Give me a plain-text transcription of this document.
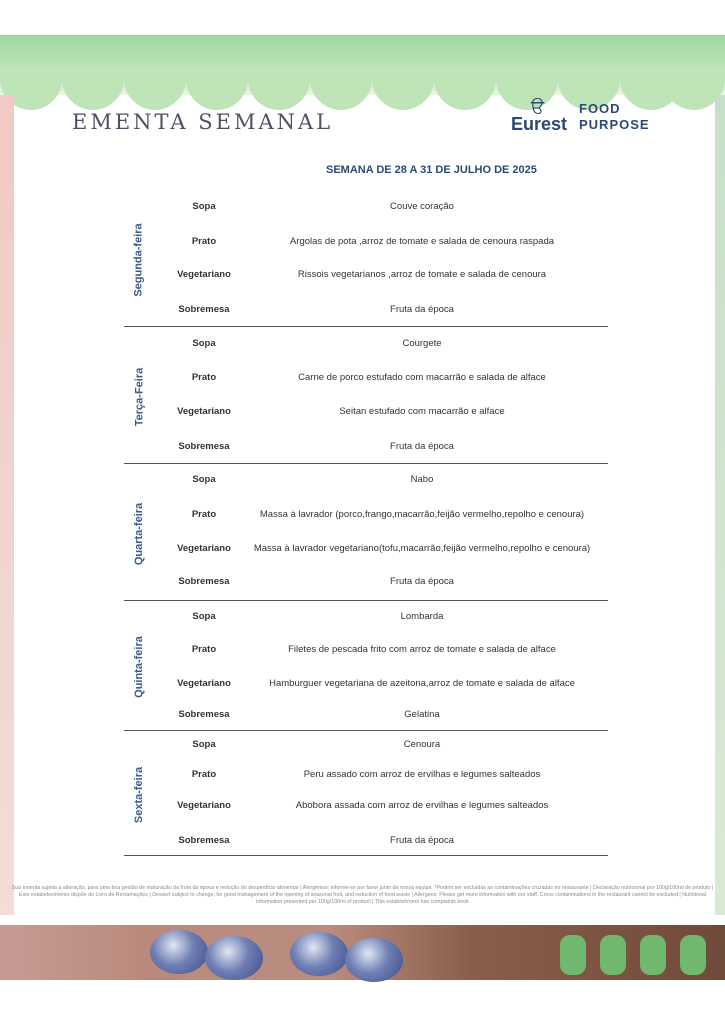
EMENTA SEMANAL
ੳ
Eurest
FOOD
PURPOSE
SEMANA DE 28 A 31 DE JULHO DE 2025
Segunda-feira
Sopa	Couve coração
Prato	Argolas de pota ,arroz de tomate e salada de cenoura raspada
Vegetariano	Rissois vegetarianos ,arroz de tomate e salada de cenoura
Sobremesa	Fruta da época
Terça-Feira
Sopa	Courgete
Prato	Carne de porco estufado com macarrão e salada de alface
Vegetariano	Seitan estufado com macarrão e alface
Sobremesa	Fruta da época
Quarta-feira
Sopa	Nabo
Prato	Massa à lavrador (porco,frango,macarrão,feijão vermelho,repolho e cenoura)
Vegetariano	Massa à lavrador vegetariano(tofu,macarrão,feijão vermelho,repolho e cenoura)
Sobremesa	Fruta da época
Quinta-feira
Sopa	Lombarda
Prato	Filetes de pescada frito com arroz de tomate e salada de alface
Vegetariano	Hamburguer vegetariana de azeitona,arroz de tomate e salada de alface
Sobremesa	Gelatina
Sexta-feira
Sopa	Cenoura
Prato	Peru assado com arroz de ervilhas e legumes salteados
Vegetariano	Abobora assada com arroz de ervilhas e legumes salteados
Sobremesa	Fruta da época
Sua ementa sujeita a alteração, para uma boa gestão de maturação da fruta da época e redução do desperdício alimentar | Alergénios: informe-se por favor junto da nossa equipa. *Podem ser excluídas as contaminações cruzadas no restaurante | Declaração nutricional por 100g/100ml de produto | Este estabelecimento dispõe de Livro de Reclamações | Dessert subject to change, for good management of the ripening of seasonal fruit, and reduction of food waste | Allergens: Please get more information with our staff. Cross contaminations in the restaurant cannot be excluded | Nutritional information presented per 100g/100ml of product | This establishment has complaints book
